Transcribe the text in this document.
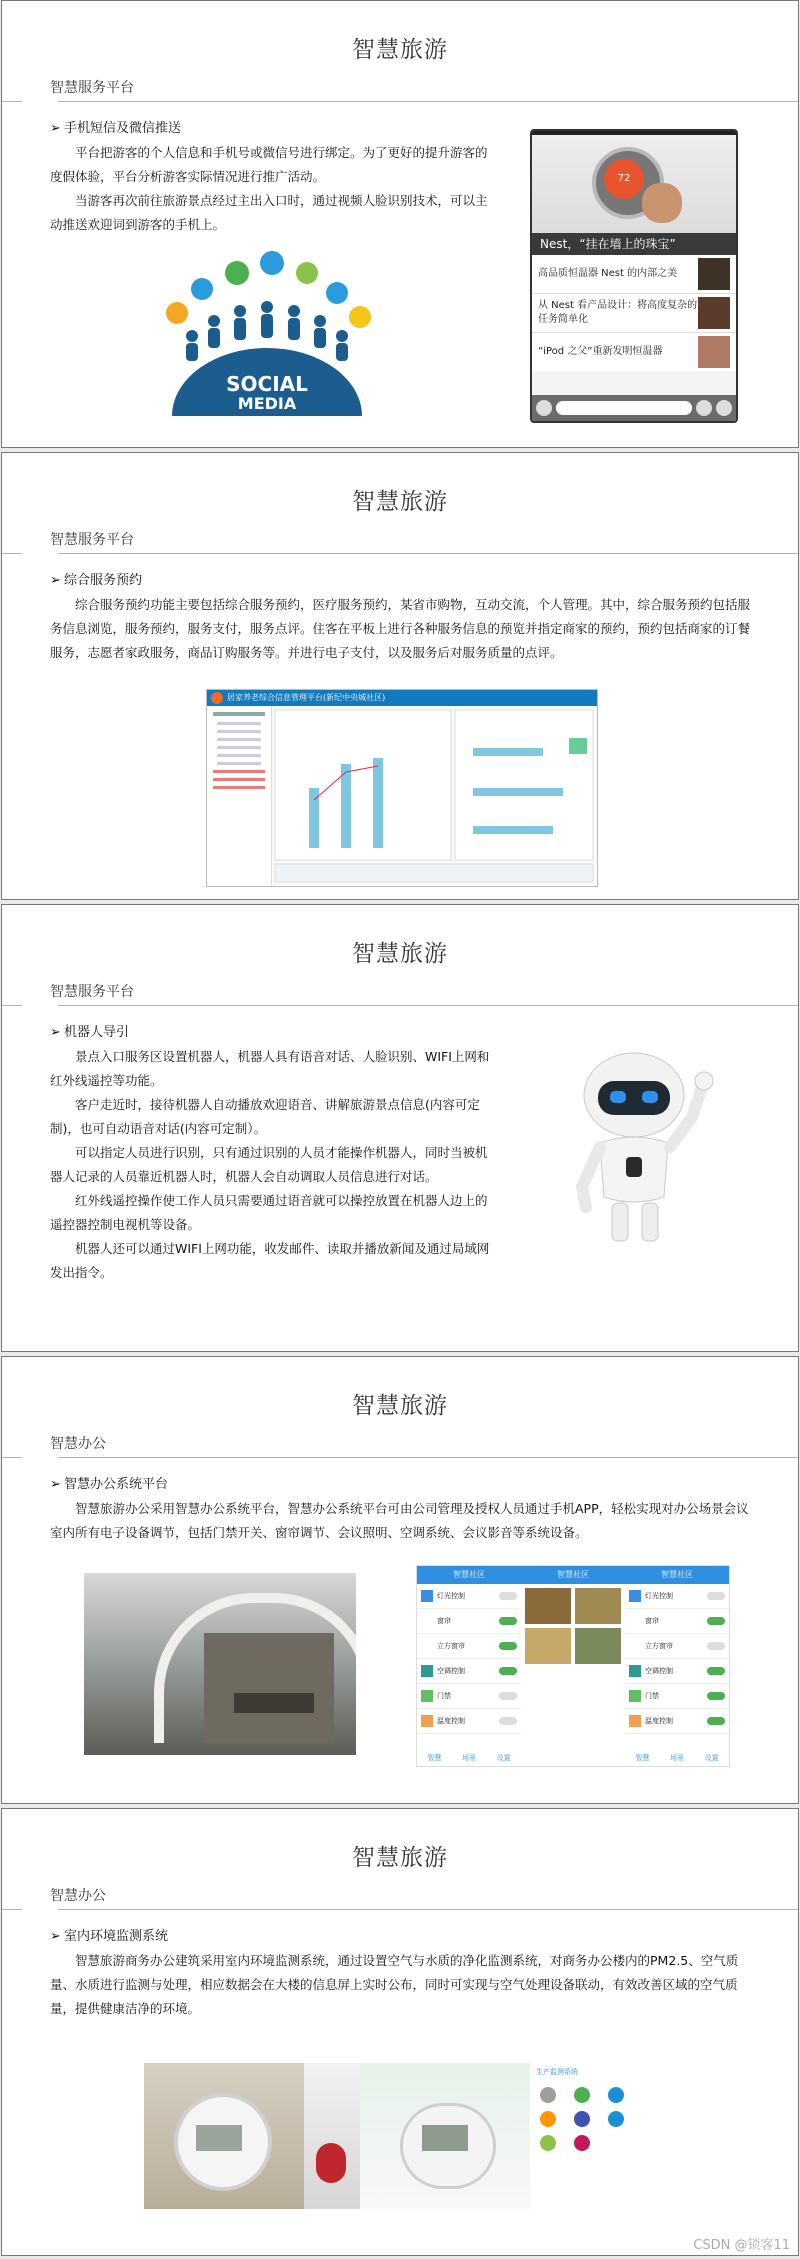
智慧旅游
智慧服务平台
➢ 手机短信及微信推送

平台把游客的个人信息和手机号或微信号进行绑定。为了更好的提升游客的度假体验，平台分析游客实际情况进行推广活动。

当游客再次前往旅游景点经过主出入口时，通过视频人脸识别技术，可以主动推送欢迎词到游客的手机上。

SOCIAL
MEDIA
72
Nest，“挂在墙上的珠宝”
高品质恒温器 Nest 的内部之美
从 Nest 看产品设计：将高度复杂的任务简单化
“iPod 之父”重新发明恒温器
智慧旅游
智慧服务平台
➢ 综合服务预约

综合服务预约功能主要包括综合服务预约，医疗服务预约，某省市购物，互动交流，个人管理。其中，综合服务预约包括服务信息浏览，服务预约，服务支付，服务点评。住客在平板上进行各种服务信息的预览并指定商家的预约，预约包括商家的订餐服务，志愿者家政服务，商品订购服务等。并进行电子支付，以及服务后对服务质量的点评。

居家养老综合信息管理平台(新纪中央城社区)
智慧旅游
智慧服务平台
➢ 机器人导引

景点入口服务区设置机器人，机器人具有语音对话、人脸识别、WIFI上网和红外线遥控等功能。

客户走近时，接待机器人自动播放欢迎语音、讲解旅游景点信息(内容可定制)，也可自动语音对话(内容可定制）。

可以指定人员进行识别，只有通过识别的人员才能操作机器人，同时当被机器人记录的人员靠近机器人时，机器人会自动调取人员信息进行对话。

红外线遥控操作使工作人员只需要通过语音就可以操控放置在机器人边上的遥控器控制电视机等设备。

机器人还可以通过WIFI上网功能，收发邮件、读取并播放新闻及通过局域网发出指令。

智慧旅游
智慧办公
➢ 智慧办公系统平台

智慧旅游办公采用智慧办公系统平台，智慧办公系统平台可由公司管理及授权人员通过手机APP，轻松实现对办公场景会议室内所有电子设备调节，包括门禁开关、窗帘调节、会议照明、空调系统、会议影音等系统设备。

智慧社区
灯光控制
窗帘
立方窗帘
空调控制
门禁
温度控制
智慧	场景	设置
智慧社区	智慧社区
灯光控制
窗帘
立方窗帘
空调控制
门禁
温度控制
智慧	场景	设置
智慧旅游
智慧办公
➢ 室内环境监测系统

智慧旅游商务办公建筑采用室内环境监测系统，通过设置空气与水质的净化监测系统，对商务办公楼内的PM2.5、空气质量、水质进行监测与处理，相应数据会在大楼的信息屏上实时公布，同时可实现与空气处理设备联动，有效改善区域的空气质量，提供健康洁净的环境。

生产监测系统
CSDN @锁客11
